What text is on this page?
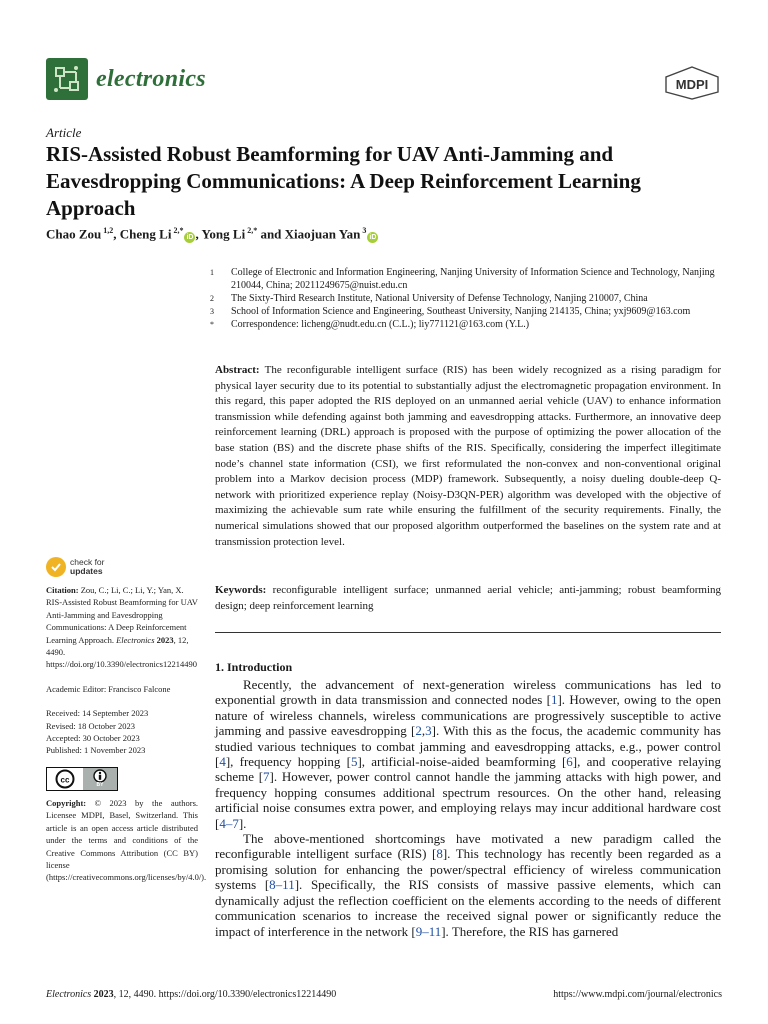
electronics	MDPI
Article
RIS-Assisted Robust Beamforming for UAV Anti-Jamming and Eavesdropping Communications: A Deep Reinforcement Learning Approach
Chao Zou $^{1,2}$, Cheng Li $^{2,*}$iD , Yong Li $^{2,*}$ and Xiaojuan Yan $^3$iD
1	College of Electronic and Information Engineering, Nanjing University of Information Science and Technology, Nanjing 210044, China; 20211249675@nuist.edu.cn
2	The Sixty-Third Research Institute, National University of Defense Technology, Nanjing 210007, China
3	School of Information Science and Engineering, Southeast University, Nanjing 214135, China; yxj9609@163.com
*	Correspondence: licheng@nudt.edu.cn (C.L.); liy771121@163.com (Y.L.)
Abstract: The reconfigurable intelligent surface (RIS) has been widely recognized as a rising paradigm for physical layer security due to its potential to substantially adjust the electromagnetic propagation environment. In this regard, this paper adopted the RIS deployed on an unmanned aerial vehicle (UAV) to enhance information transmission while defending against both jamming and eavesdropping attacks. Furthermore, an innovative deep reinforcement learning (DRL) approach is proposed with the purpose of optimizing the power allocation of the base station (BS) and the discrete phase shifts of the RIS. Specifically, considering the imperfect illegitimate node’s channel state information (CSI), we first reformulated the non-convex and non-conventional original problem into a Markov decision process (MDP) framework. Subsequently, a noisy dueling double-deep Q-network with prioritized experience replay (Noisy-D3QN-PER) algorithm was developed with the objective of maximizing the achievable sum rate while ensuring the fulfillment of the security requirements. Finally, the numerical simulations showed that our proposed algorithm outperformed the baselines on the system rate and at transmission protection level.
Keywords: reconfigurable intelligent surface; unmanned aerial vehicle; anti-jamming; robust beamforming design; deep reinforcement learning
check for
updates

Citation: Zou, C.; Li, C.; Li, Y.; Yan, X. RIS-Assisted Robust Beamforming for UAV Anti-Jamming and Eavesdropping Communications: A Deep Reinforcement Learning Approach. Electronics 2023, 12, 4490. https://doi.org/10.3390/electronics12214490

Academic Editor: Francisco Falcone

Received: 14 September 2023

Revised: 18 October 2023

Accepted: 30 October 2023

Published: 1 November 2023

cc
BY

Copyright: © 2023 by the authors. Licensee MDPI, Basel, Switzerland. This article is an open access article distributed under the terms and conditions of the Creative Commons Attribution (CC BY) license (https://creativecommons.org/licenses/by/4.0/).

1. Introduction

Recently, the advancement of next-generation wireless communications has led to exponential growth in data transmission and connected nodes [1]. However, owing to the open nature of wireless channels, wireless communications are progressively susceptible to active jamming and passive eavesdropping [2,3]. With this as the focus, the academic community has studied various techniques to combat jamming and eavesdropping attacks, e.g., power control [4], frequency hopping [5], artificial-noise-aided beamforming [6], and cooperative relaying scheme [7]. However, power control cannot handle the jamming attacks with high power, and frequency hopping consumes additional spectrum resources. On the other hand, releasing artificial noise consumes extra power, and employing relays may incur additional hardware cost [4–7].

The above-mentioned shortcomings have motivated a new paradigm called the reconfigurable intelligent surface (RIS) [8]. This technology has recently been regarded as a promising solution for enhancing the power/spectral efficiency of wireless communication systems [8–11]. Specifically, the RIS consists of massive passive elements, which can dynamically adjust the reflection coefficient on the elements according to the needs of different communication scenarios to increase the received signal power or significantly reduce the impact of interference in the network [9–11]. Therefore, the RIS has garnered

Electronics 2023, 12, 4490. https://doi.org/10.3390/electronics12214490	https://www.mdpi.com/journal/electronics
